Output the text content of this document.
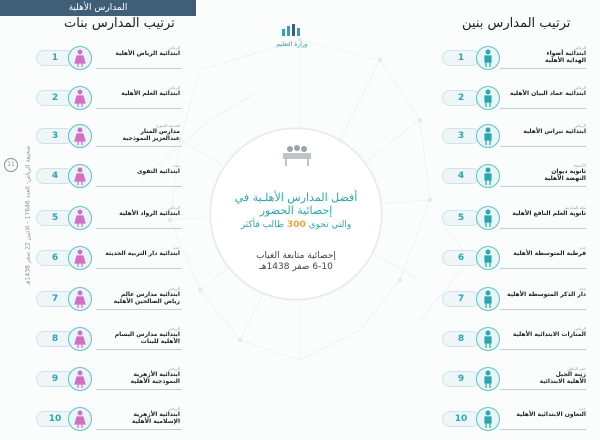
المدارس الأهلية
ترتيب المدارس بنات	ترتيب المدارس بنين
11
صحيفة الرياض- العدد 17646 - الاثنين 22 صفر 1438هـ
وزارة التعليم
أفضل المدارس الأهلـية في
إحصائية الحضور
والتي تحوي 300 طالب فأكثر
إحصائية متابعة الغياب
6-10 صفر 1438هـ
1
الرياض
ابتدائية الرياض الأهلية
2
الرياض
ابتدائية العلم الأهلية
3
المدينة المنورة
مدارس المنار
عبدالعزيز النموذجية
4
جدة
ابتدائية التقوى
5
الرياض
ابتدائية الرواد الأهلية
6
جدة
ابتدائية دار التربية الحديثة
7
الرياض
ابتدائية مدارس عالم
رياض الصالحين الأهلية
8
الرياض
ابتدائية مدارس البسام
الأهلية للبنات
9
الرياض
ابتدائية الأزهرية
النموذجية الأهلية
10
الرياض
ابتدائية الأزهرية
الإسلامية الأهلية
1
الرياض
ابتدائية أضواء
الهداية الأهلية
2
الرياض
ابتدائية عماد البيان الأهلية
3
الرياض
ابتدائية نبراس الأهلية
4
الأحساء
ثانوية ديوان
النهضة الأهلية
5
مكة المكرمة
ثانوية العلم النافع الأهلية
6
جدة
قرطبة المتوسطة الأهلية
7
جدة
دار الذكر المتوسطة الأهلية
8
الرياض
المنارات الابتدائية الأهلية
9
حفر الباطن
زينة الجيل
الأهلية الابتدائية
10
جدة
التعاون الابتدائية الأهلية
